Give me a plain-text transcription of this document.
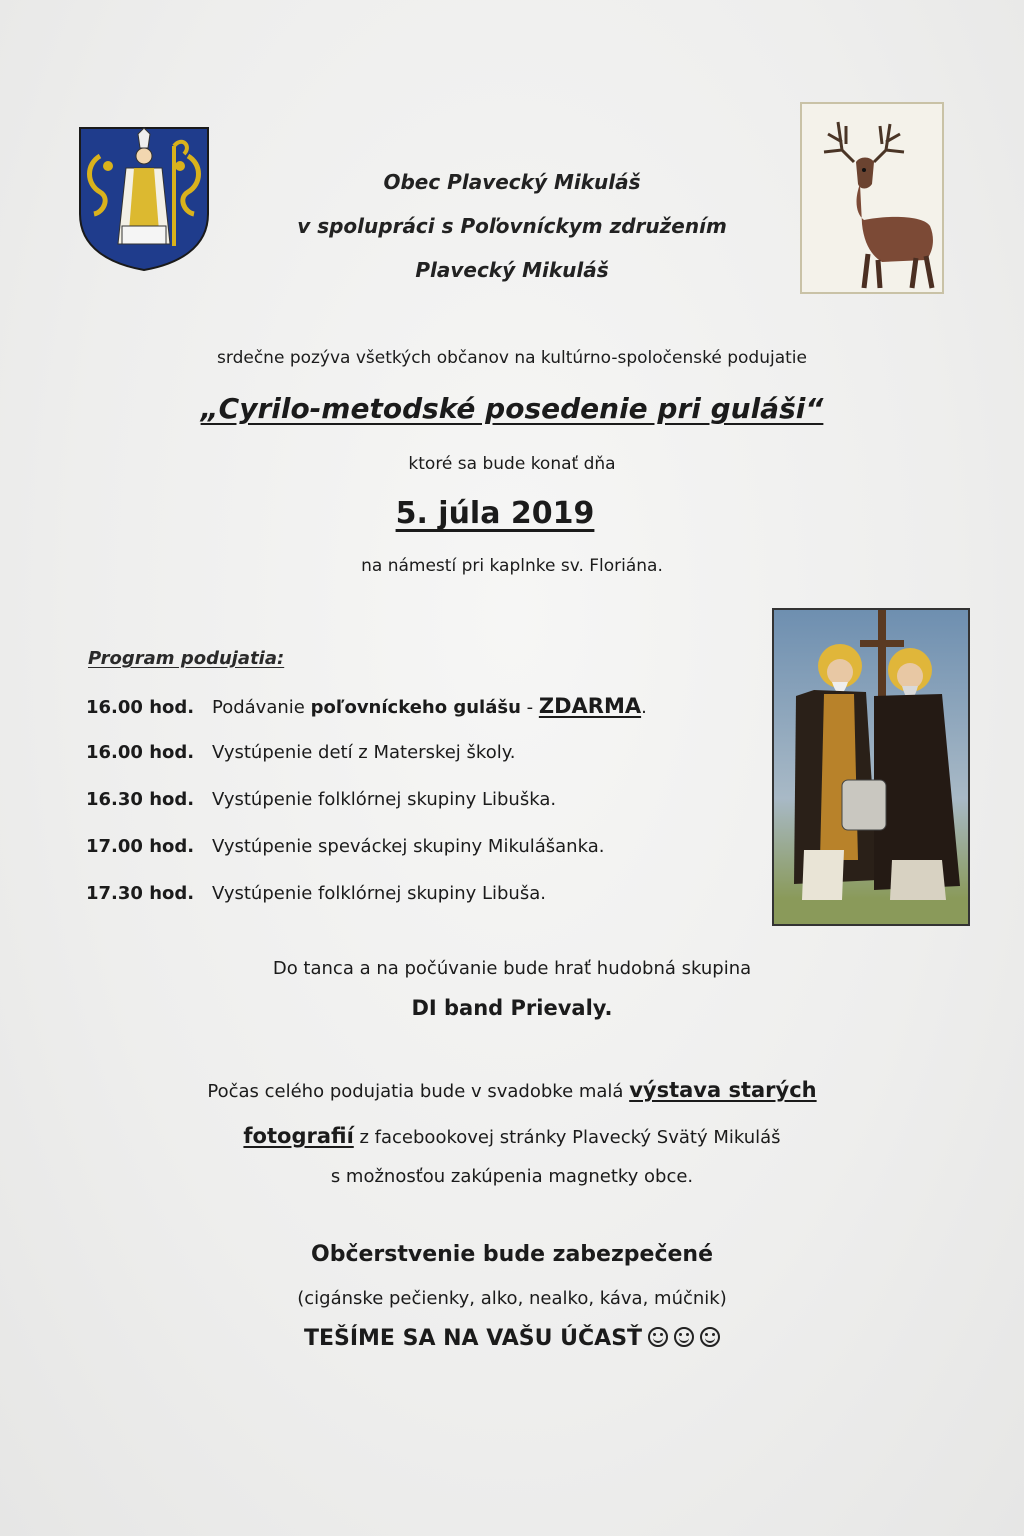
Obec Plavecký Mikuláš
v spolupráci s Poľovníckym združením
Plavecký Mikuláš
srdečne pozýva všetkých občanov na kultúrno-spoločenské podujatie
„Cyrilo-metodské posedenie pri guláši“
ktoré sa bude konať dňa
5. júla 2019
na námestí pri kaplnke sv. Floriána.
Program podujatia:
16.00 hod. Podávanie poľovníckeho gulášu - ZDARMA.
16.00 hod. Vystúpenie detí z Materskej školy.
16.30 hod. Vystúpenie folklórnej skupiny Libuška.
17.00 hod. Vystúpenie speváckej skupiny Mikulášanka.
17.30 hod. Vystúpenie folklórnej skupiny Libuša.
Do tanca a na počúvanie bude hrať hudobná skupina
DI band Prievaly.
Počas celého podujatia bude v svadobke malá výstava starých
fotografií z facebookovej stránky Plavecký Svätý Mikuláš
s možnosťou zakúpenia magnetky obce.
Občerstvenie bude zabezpečené
(cigánske pečienky, alko, nealko, káva, múčnik)
TEŠÍME SA NA VAŠU ÚČASŤ
